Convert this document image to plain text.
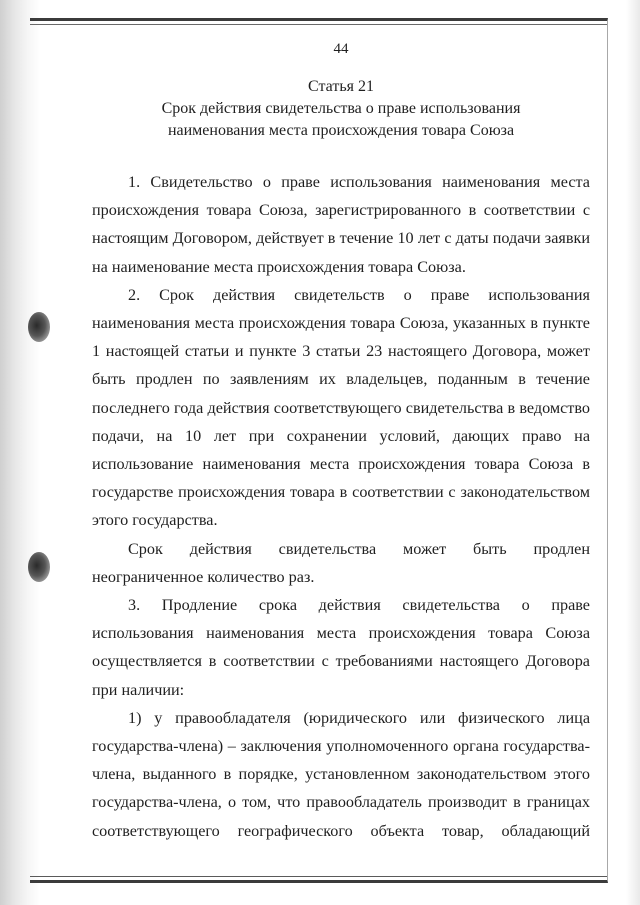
44

Статья 21

Срок действия свидетельства о праве использования

наименования места происхождения товара Союза

1. Свидетельство о праве использования наименования места происхождения товара Союза, зарегистрированного в соответствии с настоящим Договором, действует в течение 10 лет с даты подачи заявки на наименование места происхождения товара Союза.

2. Срок действия свидетельств о праве использования наименования места происхождения товара Союза, указанных в пункте 1 настоящей статьи и пункте 3 статьи 23 настоящего Договора, может быть продлен по заявлениям их владельцев, поданным в течение последнего года действия соответствующего свидетельства в ведомство подачи, на 10 лет при сохранении условий, дающих право на использование наименования места происхождения товара Союза в государстве происхождения товара в соответствии с законодательством этого государства.

Срок действия свидетельства может быть продлен неограниченное количество раз.

3. Продление срока действия свидетельства о праве использования наименования места происхождения товара Союза осуществляется в соответствии с требованиями настоящего Договора при наличии:

1) у правообладателя (юридического или физического лица государства-члена) – заключения уполномоченного органа государства-члена, выданного в порядке, установленном законодательством этого государства-члена, о том, что правообладатель производит в границах соответствующего географического объекта товар, обладающий
